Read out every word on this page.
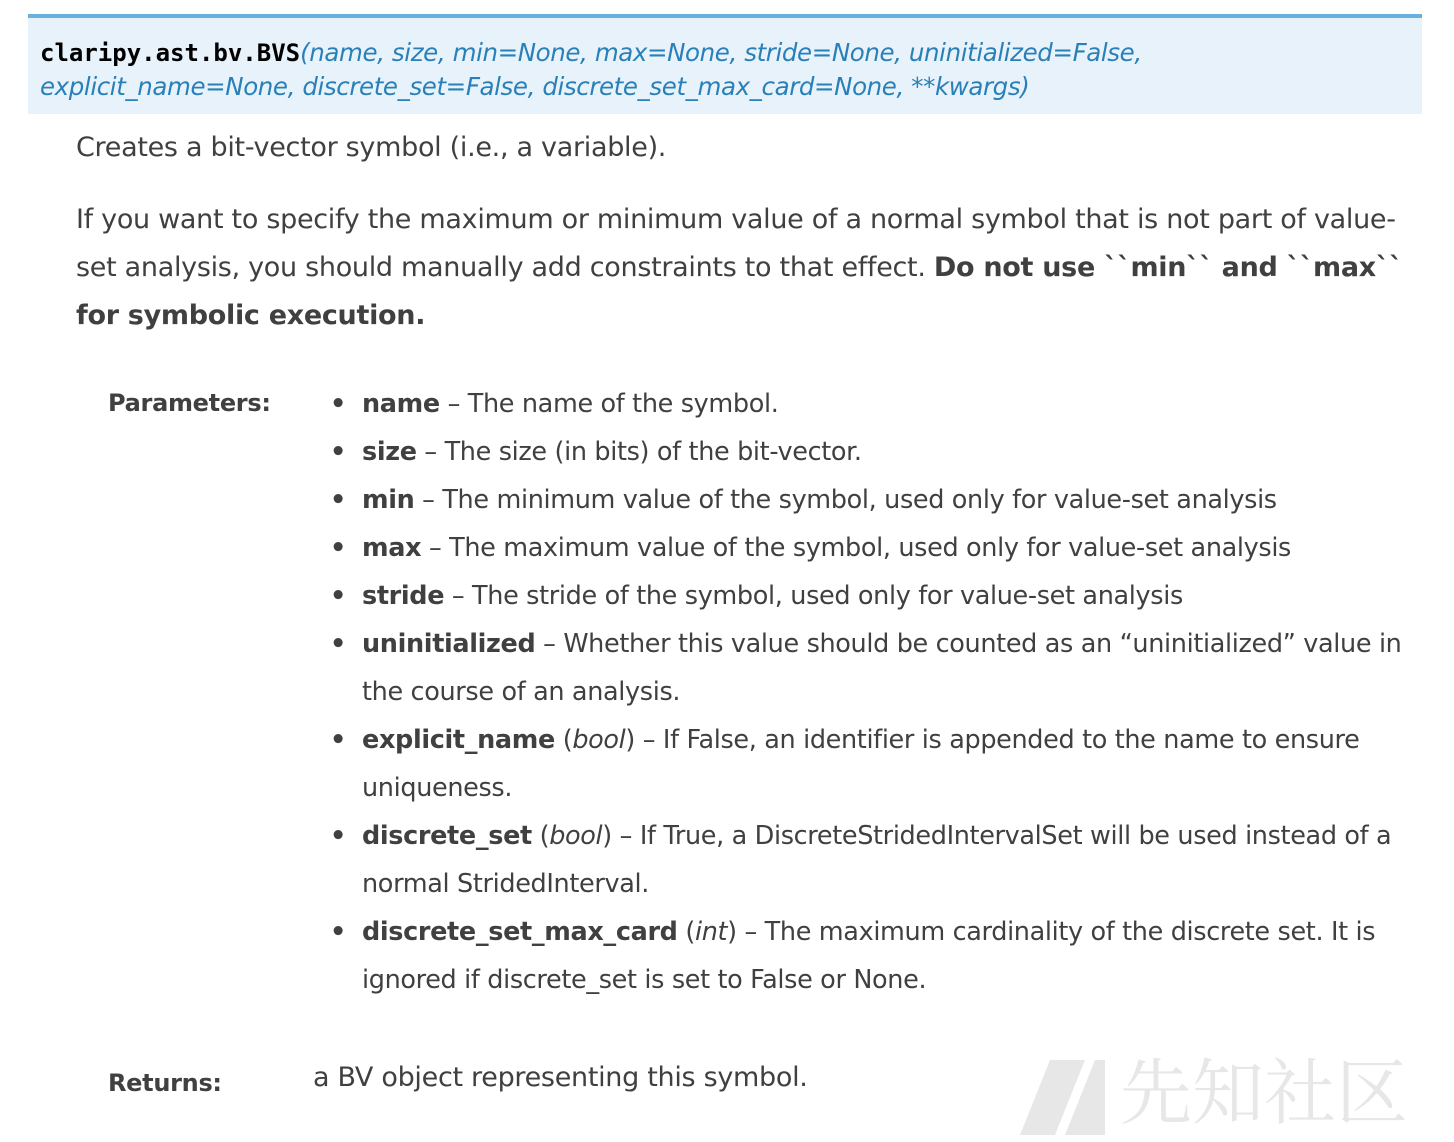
claripy.ast.bv.BVS(name, size, min=None, max=None, stride=None, uninitialized=False,
explicit_name=None, discrete_set=False, discrete_set_max_card=None, **kwargs)

Creates a bit-vector symbol (i.e., a variable).

If you want to specify the maximum or minimum value of a normal symbol that is not part of value-set analysis, you should manually add constraints to that effect. Do not use ``min`` and ``max`` for symbolic execution.

Parameters: • name – The name of the symbol.
• size – The size (in bits) of the bit-vector.
• min – The minimum value of the symbol, used only for value-set analysis
• max – The maximum value of the symbol, used only for value-set analysis
• stride – The stride of the symbol, used only for value-set analysis
• uninitialized – Whether this value should be counted as an “uninitialized” value in the course of an analysis.
• explicit_name (bool) – If False, an identifier is appended to the name to ensure uniqueness.
• discrete_set (bool) – If True, a DiscreteStridedIntervalSet will be used instead of a normal StridedInterval.
• discrete_set_max_card (int) – The maximum cardinality of the discrete set. It is ignored if discrete_set is set to False or None.
Returns:	a BV object representing this symbol.	先知社区
